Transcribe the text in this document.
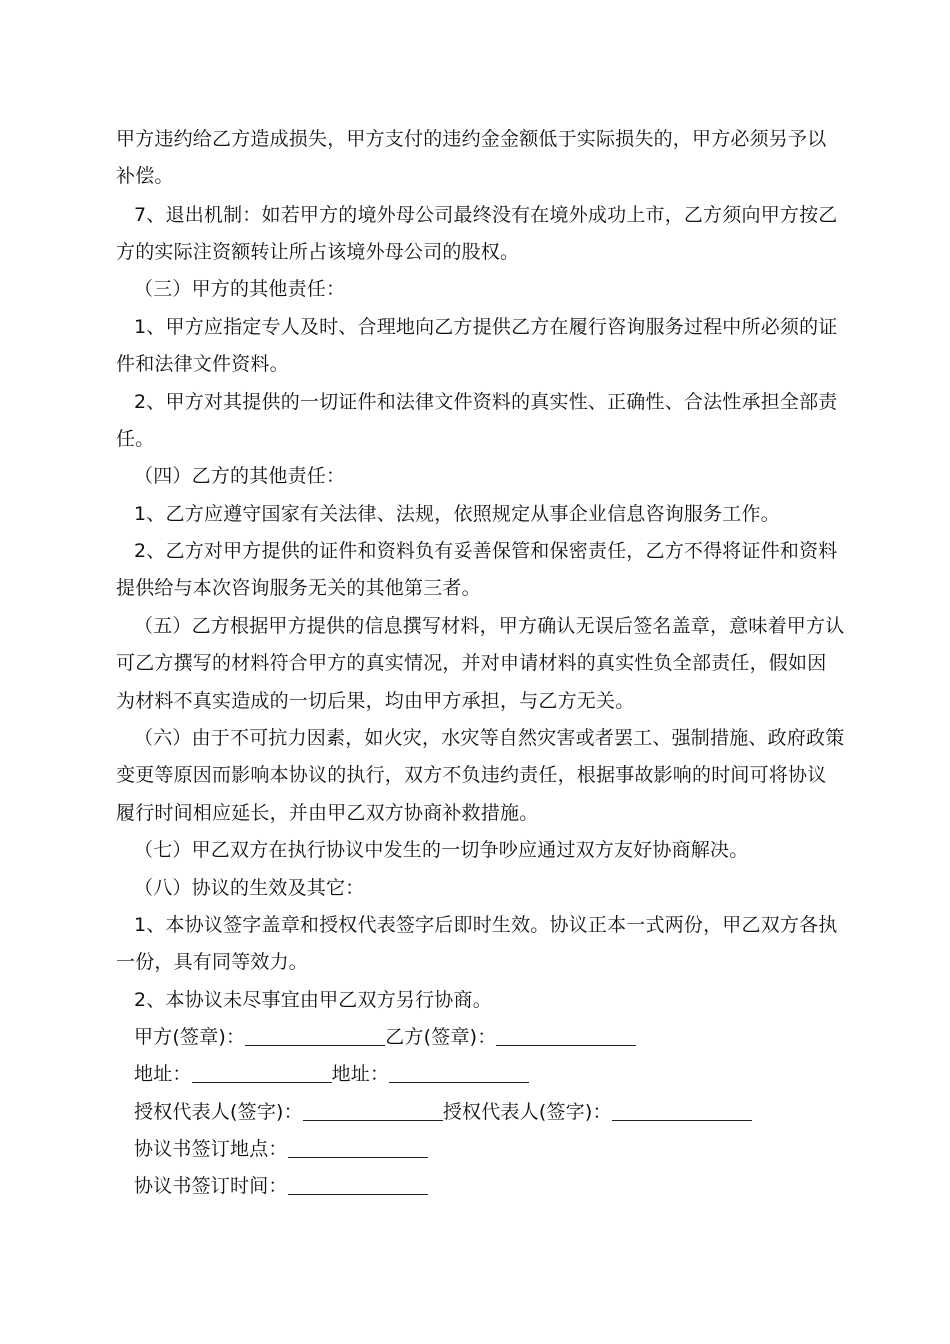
甲方违约给乙方造成损失，甲方支付的违约金金额低于实际损失的，甲方必须另予以
补偿。
7、退出机制：如若甲方的境外母公司最终没有在境外成功上市，乙方须向甲方按乙
方的实际注资额转让所占该境外母公司的股权。
（三）甲方的其他责任：
1、甲方应指定专人及时、合理地向乙方提供乙方在履行咨询服务过程中所必须的证
件和法律文件资料。
2、甲方对其提供的一切证件和法律文件资料的真实性、正确性、合法性承担全部责
任。
（四）乙方的其他责任：
1、乙方应遵守国家有关法律、法规，依照规定从事企业信息咨询服务工作。
2、乙方对甲方提供的证件和资料负有妥善保管和保密责任，乙方不得将证件和资料
提供给与本次咨询服务无关的其他第三者。
（五）乙方根据甲方提供的信息撰写材料，甲方确认无误后签名盖章，意味着甲方认
可乙方撰写的材料符合甲方的真实情况，并对申请材料的真实性负全部责任，假如因
为材料不真实造成的一切后果，均由甲方承担，与乙方无关。
（六）由于不可抗力因素，如火灾，水灾等自然灾害或者罢工、强制措施、政府政策
变更等原因而影响本协议的执行，双方不负违约责任，根据事故影响的时间可将协议
履行时间相应延长，并由甲乙双方协商补救措施。
（七）甲乙双方在执行协议中发生的一切争吵应通过双方友好协商解决。
（八）协议的生效及其它：
1、本协议签字盖章和授权代表签字后即时生效。协议正本一式两份，甲乙双方各执
一份，具有同等效力。
2、本协议未尽事宜由甲乙双方另行协商。
甲方(签章)：	乙方(签章)：
地址：	地址：
授权代表人(签字)：	授权代表人(签字)：
协议书签订地点：
协议书签订时间：
